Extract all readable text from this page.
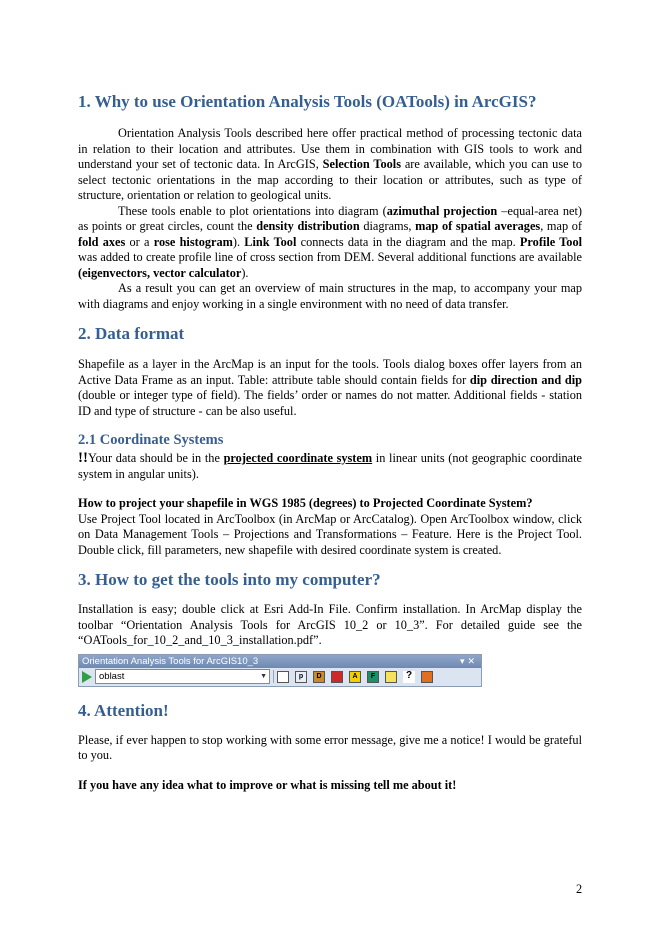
1. Why to use Orientation Analysis Tools (OATools) in ArcGIS?

Orientation Analysis Tools described here offer practical method of processing tectonic data in relation to their location and attributes. Use them in combination with GIS tools to work and understand your set of tectonic data. In ArcGIS, Selection Tools are available, which you can use to select tectonic orientations in the map according to their location or attributes, such as type of structure, orientation or relation to geological units.

These tools enable to plot orientations into diagram (azimuthal projection –equal-area net) as points or great circles, count the density distribution diagrams, map of spatial averages, map of fold axes or a rose histogram). Link Tool connects data in the diagram and the map. Profile Tool was added to create profile line of cross section from DEM. Several additional functions are available (eigenvectors, vector calculator).

As a result you can get an overview of main structures in the map, to accompany your map with diagrams and enjoy working in a single environment with no need of data transfer.

2. Data format

Shapefile as a layer in the ArcMap is an input for the tools. Tools dialog boxes offer layers from an Active Data Frame as an input. Table: attribute table should contain fields for dip direction and dip (double or integer type of field). The fields’ order or names do not matter. Additional fields - station ID and type of structure - can be also useful.

2.1 Coordinate Systems

!!Your data should be in the projected coordinate system in linear units (not geographic coordinate system in angular units).

How to project your shapefile in WGS 1985 (degrees) to Projected Coordinate System?

Use Project Tool located in ArcToolbox (in ArcMap or ArcCatalog). Open ArcToolbox window, click on Data Management Tools – Projections and Transformations – Feature. Here is the Project Tool. Double click, fill parameters, new shapefile with desired coordinate system is created.

3. How to get the tools into my computer?

Installation is easy; double click at Esri Add-In File. Confirm installation. In ArcMap display the toolbar “Orientation Analysis Tools for ArcGIS 10_2 or 10_3”. For detailed guide see the “OATools_for_10_2_and_10_3_installation.pdf”.

Orientation Analysis Tools for ArcGIS10_3	▾✕
oblast	▼	p	D	A	F	?
4. Attention!

Please, if ever happen to stop working with some error message, give me a notice! I would be grateful to you.

If you have any idea what to improve or what is missing tell me about it!

2
